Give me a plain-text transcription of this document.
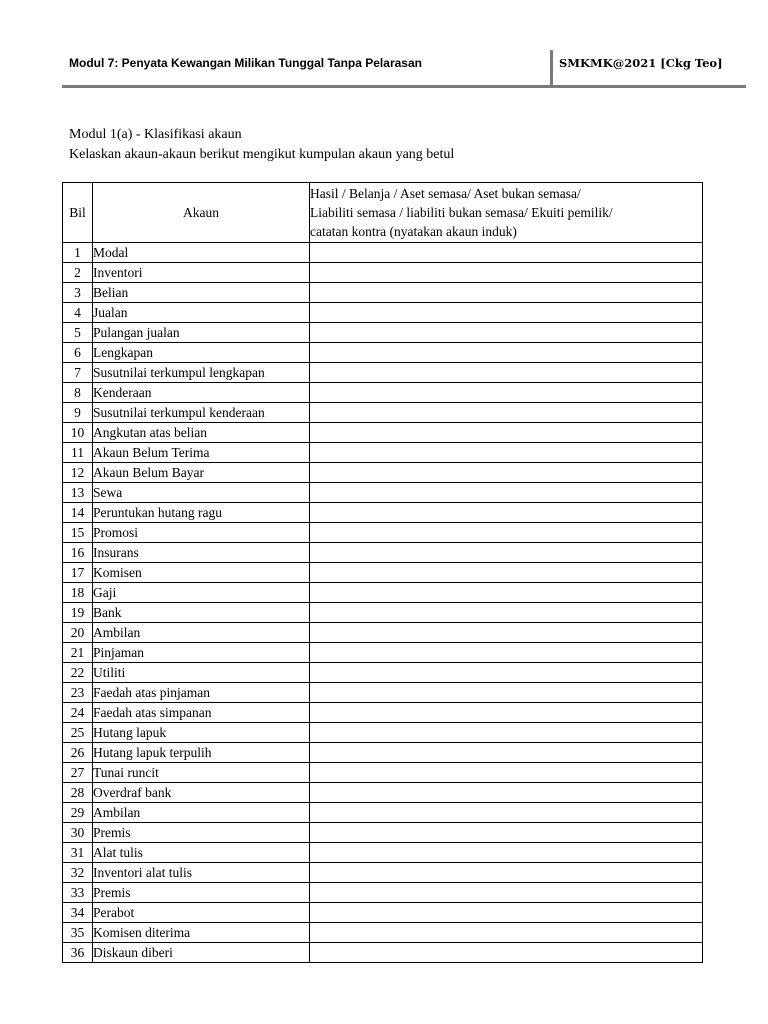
Modul 7: Penyata Kewangan Milikan Tunggal Tanpa Pelarasan	SMKMK@2021 [Ckg Teo]
Modul 1(a) - Klasifikasi akaun
Kelaskan akaun-akaun berikut mengikut kumpulan akaun yang betul
Bil	Akaun	Hasil / Belanja / Aset semasa/ Aset bukan semasa/
Liabiliti semasa / liabiliti bukan semasa/ Ekuiti pemilik/
catatan kontra (nyatakan akaun induk)

1	Modal	
2	Inventori	
3	Belian	
4	Jualan	
5	Pulangan jualan	
6	Lengkapan	
7	Susutnilai terkumpul lengkapan	
8	Kenderaan	
9	Susutnilai terkumpul kenderaan	
10	Angkutan atas belian	
11	Akaun Belum Terima	
12	Akaun Belum Bayar	
13	Sewa	
14	Peruntukan hutang ragu	
15	Promosi	
16	Insurans	
17	Komisen	
18	Gaji	
19	Bank	
20	Ambilan	
21	Pinjaman	
22	Utiliti	
23	Faedah atas pinjaman	
24	Faedah atas simpanan	
25	Hutang lapuk	
26	Hutang lapuk terpulih	
27	Tunai runcit	
28	Overdraf bank	
29	Ambilan	
30	Premis	
31	Alat tulis	
32	Inventori alat tulis	
33	Premis	
34	Perabot	
35	Komisen diterima	
36	Diskaun diberi	
